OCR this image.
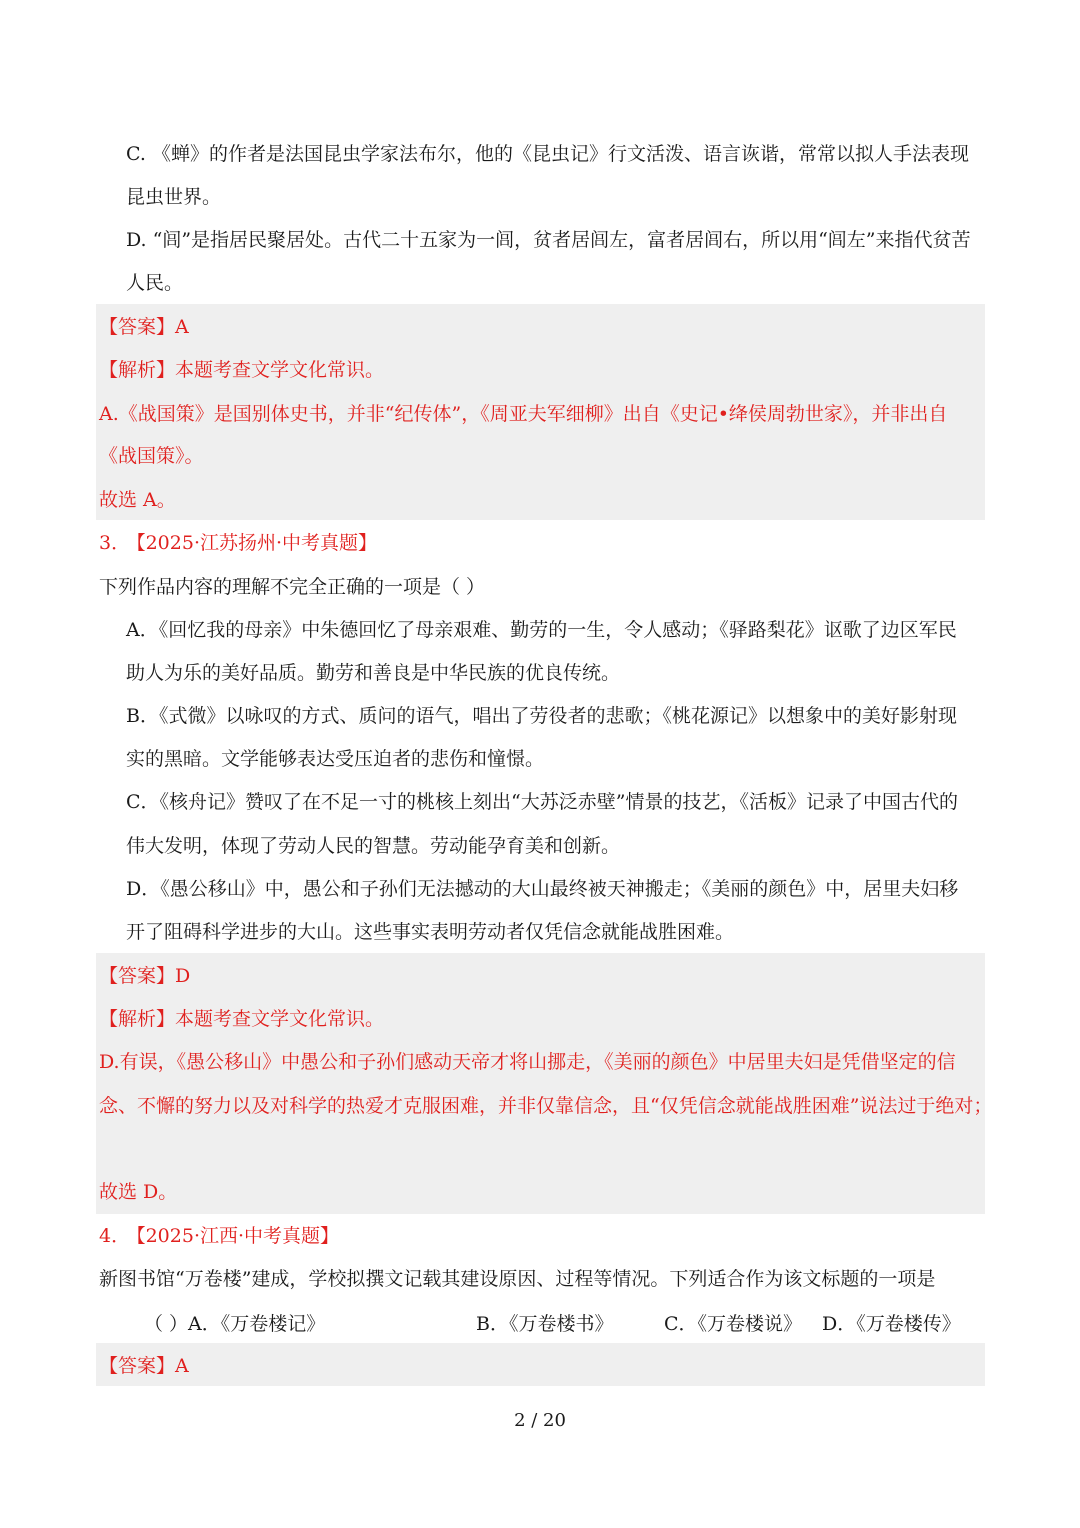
C. 《蝉》的作者是法国昆虫学家法布尔，他的《昆虫记》行文活泼、语言诙谐，常常以拟人手法表现
昆虫世界。
D. “闾”是指居民聚居处。古代二十五家为一闾，贫者居闾左，富者居闾右，所以用“闾左”来指代贫苦
人民。
【答案】A
【解析】本题考查文学文化常识。
A.《战国策》是国别体史书，并非“纪传体”，《周亚夫军细柳》出自《史记•绛侯周勃世家》，并非出自
《战国策》。
故选 A。
3． 【2025·江苏扬州·中考真题】
下列作品内容的理解不完全正确的一项是（ ）
A．《回忆我的母亲》中朱德回忆了母亲艰难、勤劳的一生，令人感动；《驿路梨花》讴歌了边区军民
助人为乐的美好品质。勤劳和善良是中华民族的优良传统。
B．《式微》以咏叹的方式、质问的语气，唱出了劳役者的悲歌；《桃花源记》以想象中的美好影射现
实的黑暗。文学能够表达受压迫者的悲伤和憧憬。
C．《核舟记》赞叹了在不足一寸的桃核上刻出“大苏泛赤壁”情景的技艺，《活板》记录了中国古代的
伟大发明，体现了劳动人民的智慧。劳动能孕育美和创新。
D．《愚公移山》中，愚公和子孙们无法撼动的大山最终被天神搬走；《美丽的颜色》中，居里夫妇移
开了阻碍科学进步的大山。这些事实表明劳动者仅凭信念就能战胜困难。
【答案】D
【解析】本题考查文学文化常识。
D.有误，《愚公移山》中愚公和子孙们感动天帝才将山挪走，《美丽的颜色》中居里夫妇是凭借坚定的信
念、不懈的努力以及对科学的热爱才克服困难，并非仅靠信念，且“仅凭信念就能战胜困难”说法过于绝对；
故选 D。
4． 【2025·江西·中考真题】
新图书馆“万卷楼”建成，学校拟撰文记载其建设原因、过程等情况。下列适合作为该文标题的一项是
（ ）A．《万卷楼记》	B．《万卷楼书》	C．《万卷楼说》 D．《万卷楼传》
【答案】A
2 / 20
